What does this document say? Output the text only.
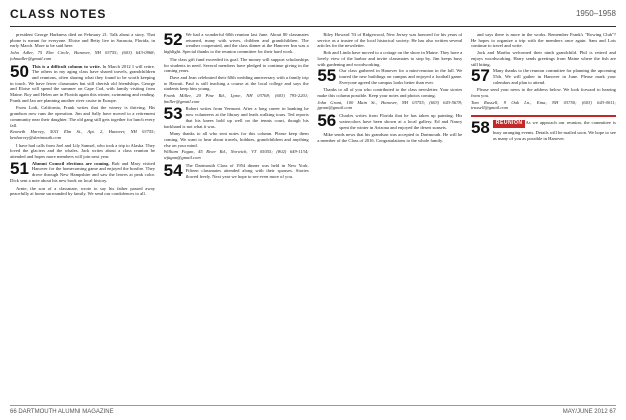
CLASS NOTES	1950–1958

president George Harkness died on February 21. Talk about a story. That phone is meant for everyone. Eloise and Betty live in Sarasota, Florida, in early March. More to be said here.

John Adler, 75 Elm Circle, Hanover, NH 03755; (603) 643-0968; johnadler@gmail.com
50 This is a difficult column to write. In March 2012 I will retire. The others in my aging class have shared travels, grandchildren and reunions, often sharing what they found to be worth keeping in touch. We have fewer classmates but still cherish old friendships. George and Eloise will spend the summer on Cape Cod, with family visiting from Maine. Roy and Helen are in Florida again this winter, swimming and reading. Frank and Jan are planning another river cruise in Europe.

From Lodi, California, Frank writes that the winery is thriving. His grandson now runs the operation. Jim and Sally have moved to a retirement community near their daughter. The old gang still gets together for lunch every fall.

Kenneth Harvey, 5011 Elm St., Apt. 2, Hanover, NH 03755; kenharvey@dartmouth.com

I have had calls from Joel and Lily Samsel, who took a trip to Alaska. They loved the glaciers and the whales. Jack writes about a class reunion he attended and hopes more members will join next year.

51 Alumni Council elections are coming. Bob and Mary visited Hanover for the homecoming game and enjoyed the bonfire. They drove through New Hampshire and saw the leaves at peak color. Dick sent a note about his new book on local history.

Arnie, the son of a classmate, wrote to say his father passed away peacefully at home surrounded by family. We send our condolences to all.

52 We had a wonderful 60th reunion last June. About 80 classmates returned, many with wives, children and grandchildren. The weather cooperated, and the class dinner at the Hanover Inn was a highlight. Special thanks to the reunion committee for their hard work.

The class gift fund exceeded its goal. The money will support scholarships for students in need. Several members have pledged to continue giving in the coming years.

Dave and Jean celebrated their 60th wedding anniversary with a family trip to Hawaii. Paul is still teaching a course at the local college and says the students keep him young.

Frank Miller, 20 Pine Rd., Lyme, NH 03768; (603) 795-2201; fmiller@gmail.com
53 Robert writes from Vermont. After a long career in banking he now volunteers at the library and leads walking tours. Ted reports that his knees hold up well on the tennis court, though his backhand is not what it was.

Many thanks to all who sent notes for this column. Please keep them coming. We want to hear about travels, hobbies, grandchildren and anything else on your mind.

William Fagan, 45 River Rd., Norwich, VT 05055; (802) 649-1134; wfagan@gmail.com
54 The Dartmouth Class of 1954 dinner was held in New York. Fifteen classmates attended along with their spouses. Stories flowed freely. Next year we hope to see even more of you.

Riley Howard '53 of Ridgewood, New Jersey was honored for his years of service as a trustee of the local historical society. He has also written several articles for the newsletter.

Bob and Linda have moved to a cottage on the shore in Maine. They have a lovely view of the harbor and invite classmates to stop by. Jim keeps busy with gardening and woodworking.

55 Our class gathered in Hanover for a mini-reunion in the fall. We toured the new buildings on campus and enjoyed a football game. Everyone agreed the campus looks better than ever.

Thanks to all of you who contributed to the class newsletter. Your stories make this column possible. Keep your notes and photos coming.

John Grant, 100 Main St., Hanover, NH 03755; (603) 643-5678; jgrant@gmail.com
56 Charles writes from Florida that he has taken up painting. His watercolors have been shown at a local gallery. Ed and Nancy spent the winter in Arizona and enjoyed the desert sunsets.

Mike sends news that his grandson was accepted to Dartmouth. He will be a member of the Class of 2016. Congratulations to the whole family.

and says there is more in the works. Remember Frank's "Rowing Club"? He hopes to organize a trip with the members once again. Sam and Lois continue to travel and write.

Jack and Martha welcomed their ninth grandchild. Phil is retired and enjoys woodworking. Harry sends greetings from Maine where the fish are still biting.

57 Many thanks to the reunion committee for planning the upcoming 55th. We will gather in Hanover in June. Please mark your calendars and plan to attend.

Please send your news to the address below. We look forward to hearing from you.

Tom Russell, 9 Oak Ln., Etna, NH 03750; (603) 643-0011; trussell@gmail.com
REUNION
58	As we approach our reunion, the committee is busy arranging events. Details will be mailed soon. We hope to see as many of you as possible in Hanover.
66 DARTMOUTH ALUMNI MAGAZINE	MAY/JUNE 2012 67
